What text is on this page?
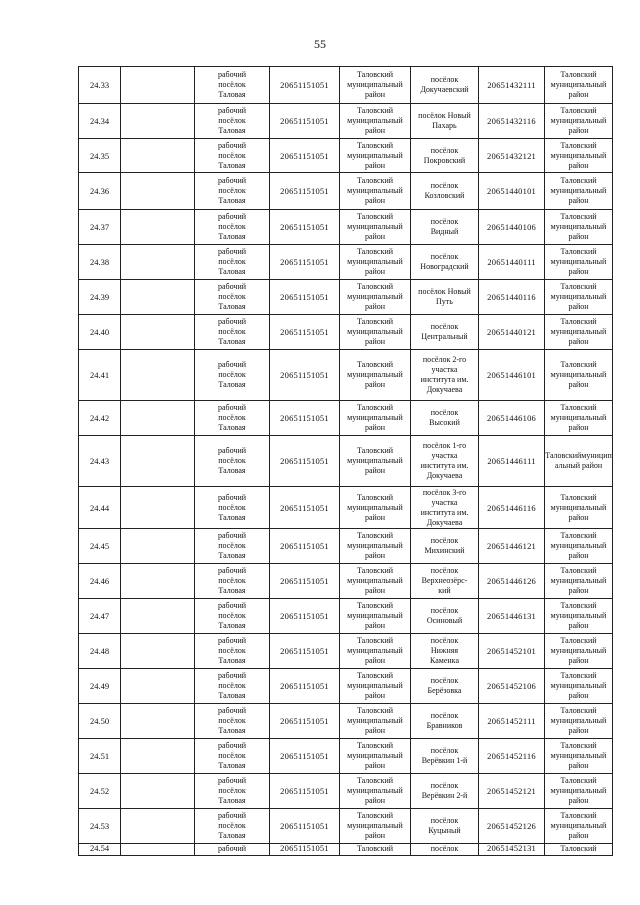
55
24.33		рабочий
посёлок
Таловая	20651151051	Таловский
муниципальный
район	посёлок
Докучаевский	20651432111	Таловский
муниципальный
район

24.34		рабочий
посёлок
Таловая	20651151051	Таловский
муниципальный
район	посёлок Новый
Пахарь	20651432116	Таловский
муниципальный
район

24.35		рабочий
посёлок
Таловая	20651151051	Таловский
муниципальный
район	посёлок
Покровский	20651432121	Таловский
муниципальный
район

24.36		рабочий
посёлок
Таловая	20651151051	Таловский
муниципальный
район	посёлок
Козловский	20651440101	Таловский
муниципальный
район

24.37		рабочий
посёлок
Таловая	20651151051	Таловский
муниципальный
район	посёлок
Видный	20651440106	Таловский
муниципальный
район

24.38		рабочий
посёлок
Таловая	20651151051	Таловский
муниципальный
район	посёлок
Новоградский	20651440111	Таловский
муниципальный
район

24.39		рабочий
посёлок
Таловая	20651151051	Таловский
муниципальный
район	посёлок Новый
Путь	20651440116	Таловский
муниципальный
район

24.40		рабочий
посёлок
Таловая	20651151051	Таловский
муниципальный
район	посёлок
Центральный	20651440121	Таловский
муниципальный
район

24.41		рабочий
посёлок
Таловая	20651151051	Таловский
муниципальный
район	посёлок 2-го
участка
института им.
Докучаева	20651446101	Таловский
муниципальный
район

24.42		рабочий
посёлок
Таловая	20651151051	Таловский
муниципальный
район	посёлок
Высокий	20651446106	Таловский
муниципальный
район

24.43		рабочий
посёлок
Таловая	20651151051	Таловский
муниципальный
район	посёлок 1-го
участка
института им.
Докучаева	20651446111	Таловскиймуницип
альный район

24.44		рабочий
посёлок
Таловая	20651151051	Таловский
муниципальный
район	посёлок 3-го
участка
института им.
Докучаева	20651446116	Таловский
муниципальный
район

24.45		рабочий
посёлок
Таловая	20651151051	Таловский
муниципальный
район	посёлок
Михинский	20651446121	Таловский
муниципальный
район

24.46		рабочий
посёлок
Таловая	20651151051	Таловский
муниципальный
район	посёлок
Верхнеозёрс-
кий	20651446126	Таловский
муниципальный
район

24.47		рабочий
посёлок
Таловая	20651151051	Таловский
муниципальный
район	посёлок
Осиновый	20651446131	Таловский
муниципальный
район

24.48		рабочий
посёлок
Таловая	20651151051	Таловский
муниципальный
район	посёлок
Нижняя
Каменка	20651452101	Таловский
муниципальный
район

24.49		рабочий
посёлок
Таловая	20651151051	Таловский
муниципальный
район	посёлок
Берёзовка	20651452106	Таловский
муниципальный
район

24.50		рабочий
посёлок
Таловая	20651151051	Таловский
муниципальный
район	посёлок
Бравников	20651452111	Таловский
муниципальный
район

24.51		рабочий
посёлок
Таловая	20651151051	Таловский
муниципальный
район	посёлок
Верёвкин 1-й	20651452116	Таловский
муниципальный
район

24.52		рабочий
посёлок
Таловая	20651151051	Таловский
муниципальный
район	посёлок
Верёвкин 2-й	20651452121	Таловский
муниципальный
район

24.53		рабочий
посёлок
Таловая	20651151051	Таловский
муниципальный
район	посёлок
Куцыный	20651452126	Таловский
муниципальный
район

24.54		рабочий	20651151051	Таловский	посёлок	20651452131	Таловский
